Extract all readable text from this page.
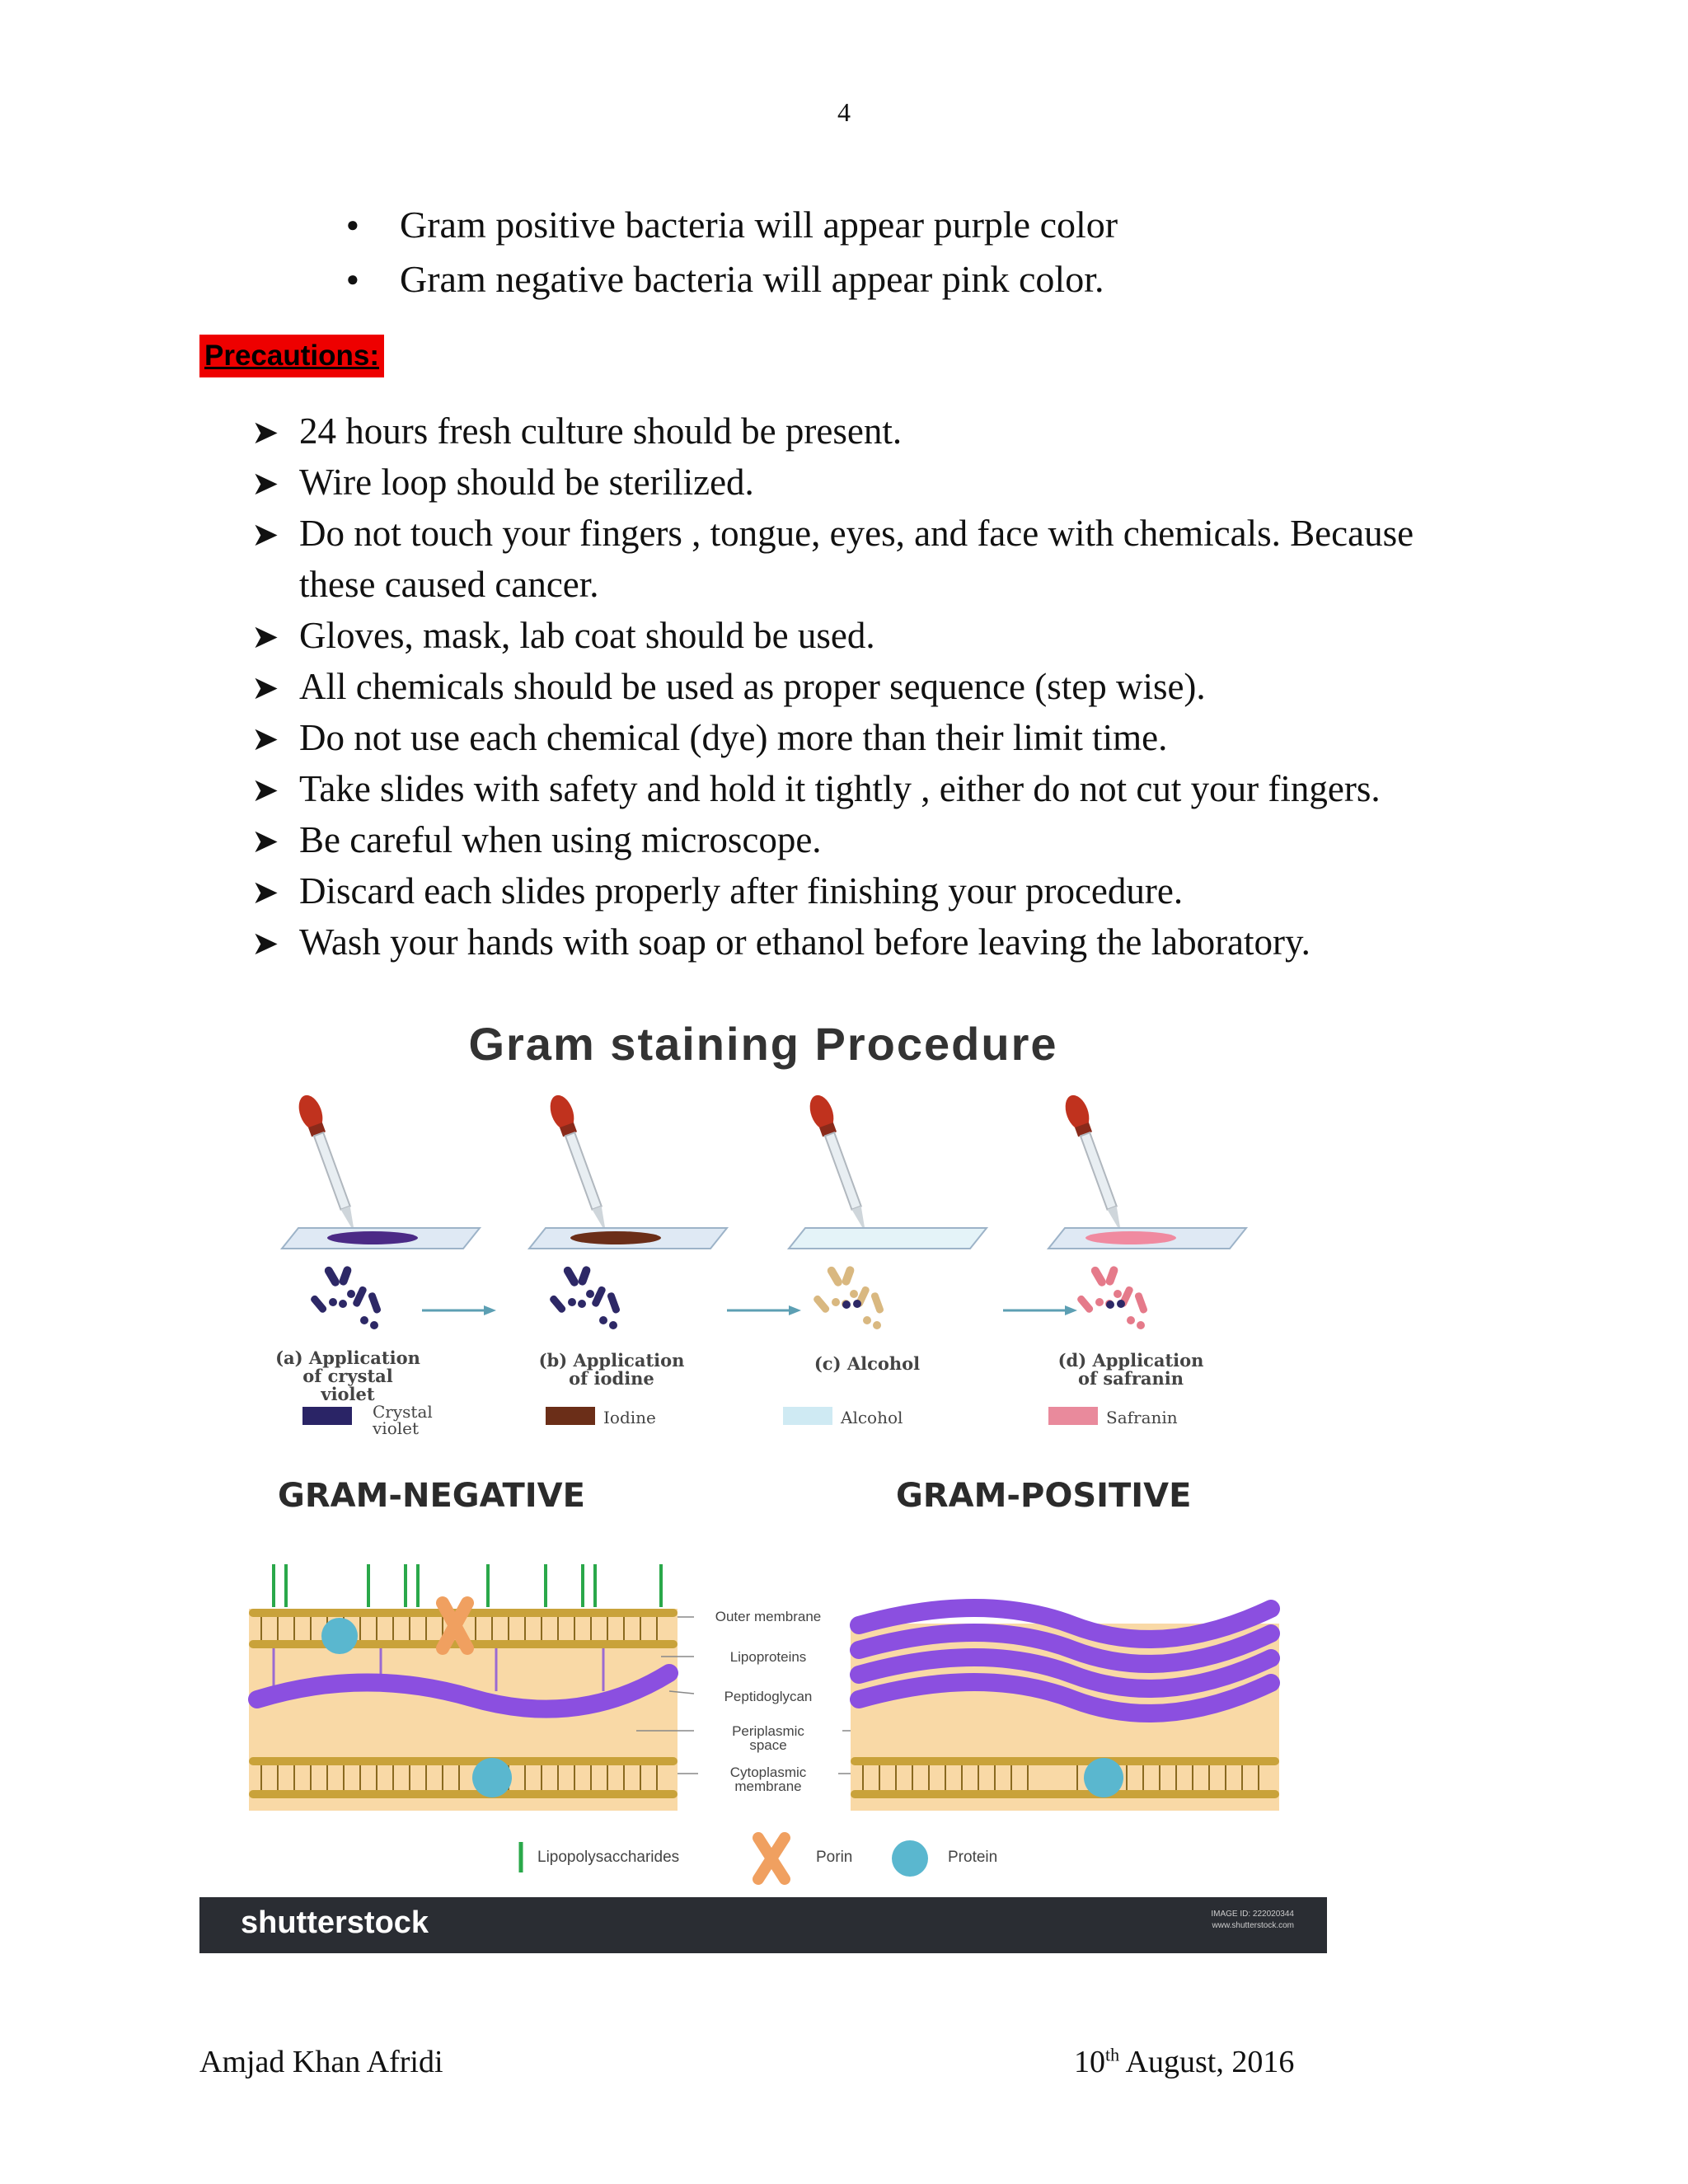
4
● Gram positive bacteria will appear purple color
● Gram negative bacteria will appear pink color.
Precautions:
➤ 24 hours fresh culture should be present.
➤ Wire loop should be sterilized.
➤ Do not touch your fingers , tongue, eyes, and face with chemicals. Because these caused cancer.
➤ Gloves, mask, lab coat should be used.
➤ All chemicals should be used as proper sequence (step wise).
➤ Do not use each chemical (dye) more than their limit time.
➤ Take slides with safety and hold it tightly , either do not cut your fingers.
➤ Be careful when using microscope.
➤ Discard each slides properly after finishing your procedure.
➤ Wash your hands with soap or ethanol before leaving the laboratory.
Gram staining Procedure
(a) Application
of crystal
violet
(b) Application
of iodine
(c) Alcohol	(d) Application
of safranin
Crystal
violet
Iodine	Alcohol	Safranin
GRAM-NEGATIVE	GRAM-POSITIVE
Outer membrane
Lipoproteins
Peptidoglycan
Periplasmic
space
Cytoplasmic
membrane
Lipopolysaccharides	Porin	Protein
shutterstock	IMAGE ID: 222020344
www.shutterstock.com
Amjad Khan Afridi	10th August, 2016
